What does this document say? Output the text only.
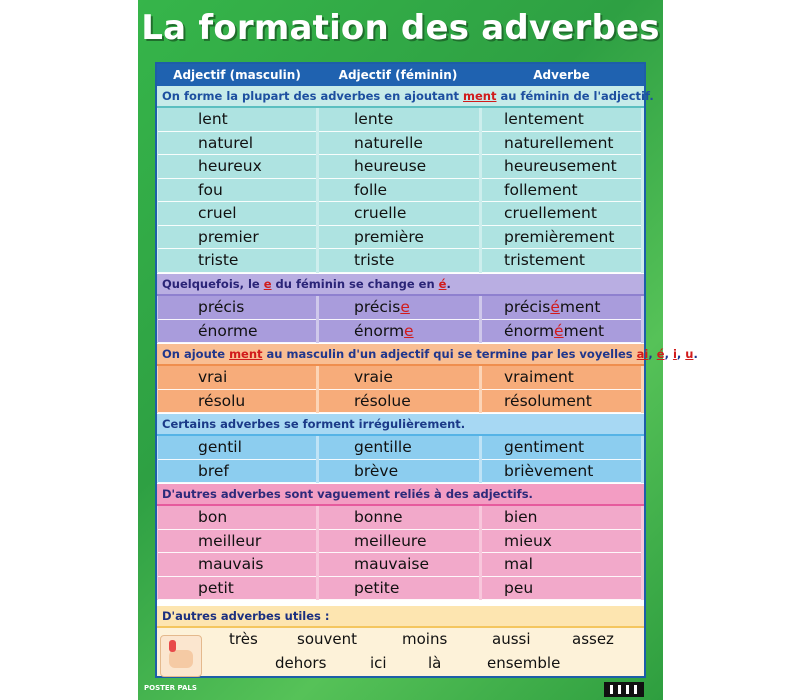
La formation des adverbes
Adjectif (masculin)	Adjectif (féminin)	Adverbe
On forme la plupart des adverbes en ajoutant ment au féminin de l'adjectif.
lent	lente	lentement
naturel	naturelle	naturellement
heureux	heureuse	heureusement
fou	folle	follement
cruel	cruelle	cruellement
premier	première	premièrement
triste	triste	tristement
Quelquefois, le e du féminin se change en é.
précis	précise	précisément
énorme	énorme	énormément
On ajoute ment au masculin d'un adjectif qui se termine par les voyelles ai, é, i, u.
vrai	vraie	vraiment
résolu	résolue	résolument
Certains adverbes se forment irrégulièrement.
gentil	gentille	gentiment
bref	brève	brièvement
D'autres adverbes sont vaguement reliés à des adjectifs.
bon	bonne	bien
meilleur	meilleure	mieux
mauvais	mauvaise	mal
petit	petite	peu
D'autres adverbes utiles :
très	souvent	moins	aussi	assez
dehors	ici	là	ensemble
POSTER PALS
